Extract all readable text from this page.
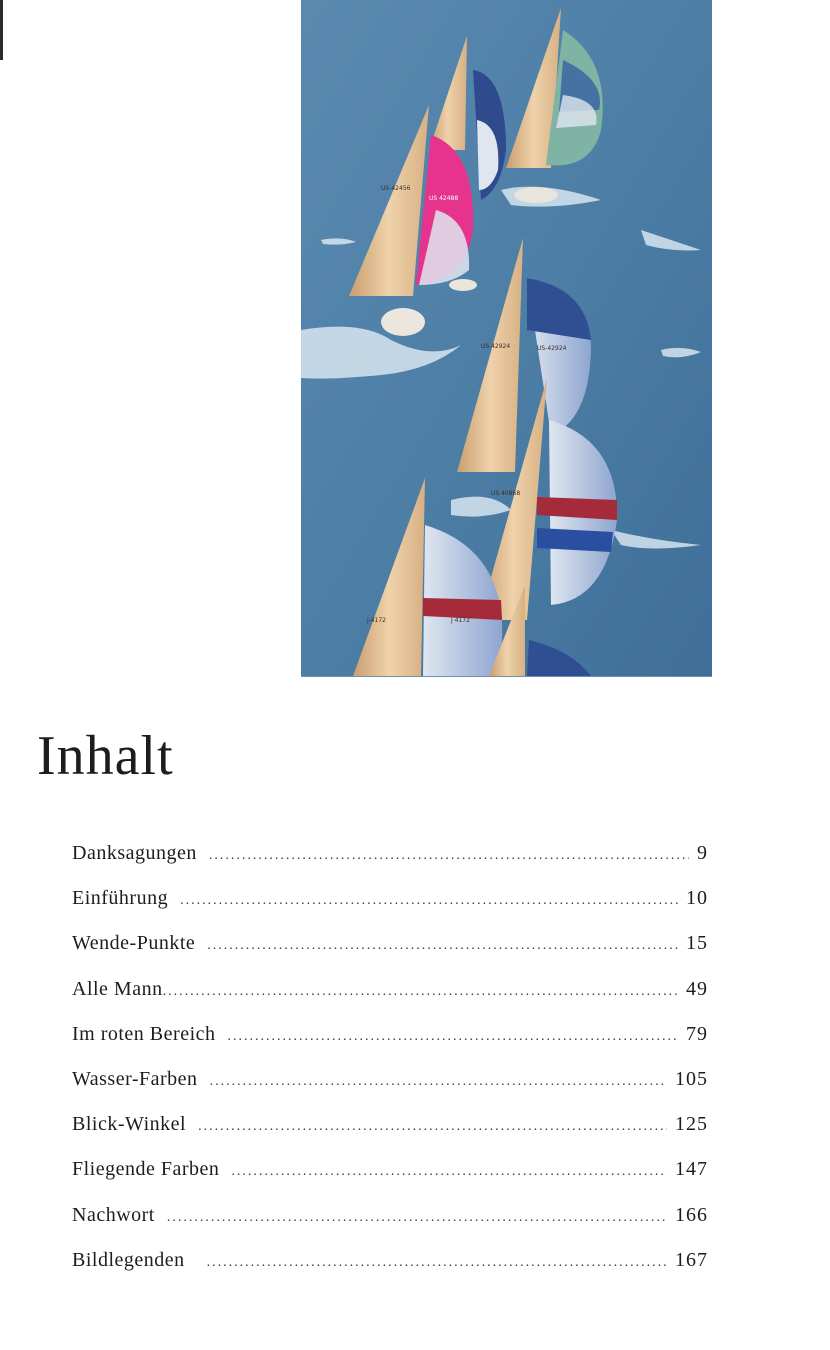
US-42456
US 42488
US 42924	US-42924
US 40868
J-4172	J 4172
Inhalt
Danksagungen .....	9
Einführung .....	10
Wende-Punkte .....	15
Alle Mann .....	49
Im roten Bereich .....	79
Wasser-Farben .....	105
Blick-Winkel .....	125
Fliegende Farben .....	147
Nachwort .....	166
Bildlegenden .....	167
